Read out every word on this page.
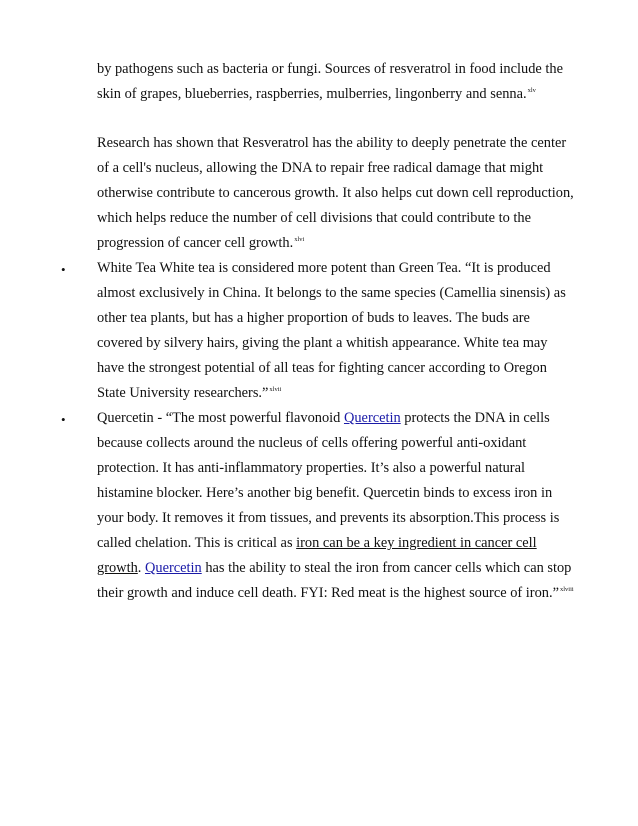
by pathogens such as bacteria or fungi. Sources of resveratrol in food include the
skin of grapes, blueberries, raspberries, mulberries, lingonberry and senna.$^{xlv}$
Research has shown that Resveratrol has the ability to deeply penetrate the center
of a cell's nucleus, allowing the DNA to repair free radical damage that might
otherwise contribute to cancerous growth. It also helps cut down cell reproduction,
which helps reduce the number of cell divisions that could contribute to the
progression of cancer cell growth.$^{xlvi}$
• White Tea White tea is considered more potent than Green Tea. “It is produced
almost exclusively in China. It belongs to the same species (Camellia sinensis) as
other tea plants, but has a higher proportion of buds to leaves. The buds are
covered by silvery hairs, giving the plant a whitish appearance. White tea may
have the strongest potential of all teas for fighting cancer according to Oregon
State University researchers.”$^{xlvii}$
• Quercetin - “The most powerful flavonoid Quercetin protects the DNA in cells
because collects around the nucleus of cells offering powerful anti-oxidant
protection. It has anti-inflammatory properties. It’s also a powerful natural
histamine blocker. Here’s another big benefit. Quercetin binds to excess iron in
your body. It removes it from tissues, and prevents its absorption.This process is
called chelation. This is critical as iron can be a key ingredient in cancer cell
growth. Quercetin has the ability to steal the iron from cancer cells which can stop
their growth and induce cell death. FYI: Red meat is the highest source of iron.”$^{xlviii}$
